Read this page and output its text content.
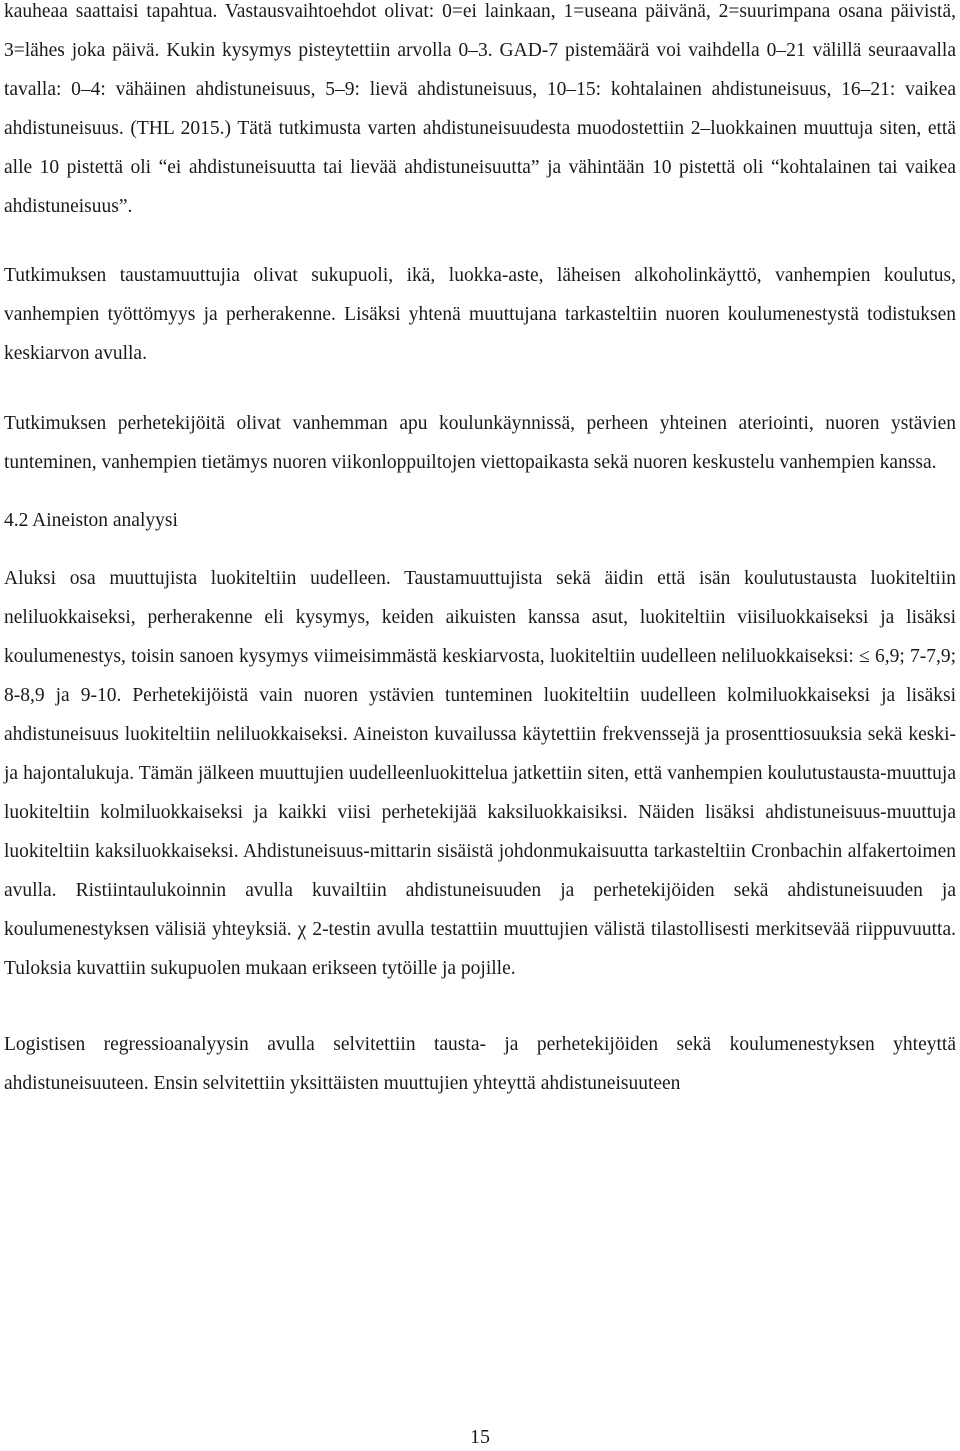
kauheaa saattaisi tapahtua. Vastausvaihtoehdot olivat: 0=ei lainkaan, 1=useana päivänä, 2=suurimpana osana päivistä, 3=lähes joka päivä. Kukin kysymys pisteytettiin arvolla 0–3. GAD-7 pistemäärä voi vaihdella 0–21 välillä seuraavalla tavalla: 0–4: vähäinen ahdistuneisuus, 5–9: lievä ahdistuneisuus, 10–15: kohtalainen ahdistuneisuus, 16–21: vaikea ahdistuneisuus. (THL 2015.) Tätä tutkimusta varten ahdistuneisuudesta muodostettiin 2–luokkainen muuttuja siten, että alle 10 pistettä oli “ei ahdistuneisuutta tai lievää ahdistuneisuutta” ja vähintään 10 pistettä oli “kohtalainen tai vaikea ahdistuneisuus”.

Tutkimuksen taustamuuttujia olivat sukupuoli, ikä, luokka-aste, läheisen alkoholinkäyttö, vanhempien koulutus, vanhempien työttömyys ja perherakenne. Lisäksi yhtenä muuttujana tarkasteltiin nuoren koulumenestystä todistuksen keskiarvon avulla.

Tutkimuksen perhetekijöitä olivat vanhemman apu koulunkäynnissä, perheen yhteinen ateriointi, nuoren ystävien tunteminen, vanhempien tietämys nuoren viikonloppuiltojen viettopaikasta sekä nuoren keskustelu vanhempien kanssa.

4.2 Aineiston analyysi

Aluksi osa muuttujista luokiteltiin uudelleen. Taustamuuttujista sekä äidin että isän koulutustausta luokiteltiin neliluokkaiseksi, perherakenne eli kysymys, keiden aikuisten kanssa asut, luokiteltiin viisiluokkaiseksi ja lisäksi koulumenestys, toisin sanoen kysymys viimeisimmästä keskiarvosta, luokiteltiin uudelleen neliluokkaiseksi: ≤ 6,9; 7-7,9; 8-8,9 ja 9-10. Perhetekijöistä vain nuoren ystävien tunteminen luokiteltiin uudelleen kolmiluokkaiseksi ja lisäksi ahdistuneisuus luokiteltiin neliluokkaiseksi. Aineiston kuvailussa käytettiin frekvenssejä ja prosenttiosuuksia sekä keski- ja hajontalukuja. Tämän jälkeen muuttujien uudelleenluokittelua jatkettiin siten, että vanhempien koulutustausta-muuttuja luokiteltiin kolmiluokkaiseksi ja kaikki viisi perhetekijää kaksiluokkaisiksi. Näiden lisäksi ahdistuneisuus-muuttuja luokiteltiin kaksiluokkaiseksi. Ahdistuneisuus-mittarin sisäistä johdonmukaisuutta tarkasteltiin Cronbachin alfakertoimen avulla. Ristiintaulukoinnin avulla kuvailtiin ahdistuneisuuden ja perhetekijöiden sekä ahdistuneisuuden ja koulumenestyksen välisiä yhteyksiä. χ 2-testin avulla testattiin muuttujien välistä tilastollisesti merkitsevää riippuvuutta. Tuloksia kuvattiin sukupuolen mukaan erikseen tytöille ja pojille.

Logistisen regressioanalyysin avulla selvitettiin tausta- ja perhetekijöiden sekä koulumenestyksen yhteyttä ahdistuneisuuteen. Ensin selvitettiin yksittäisten muuttujien yhteyttä ahdistuneisuuteen

15
